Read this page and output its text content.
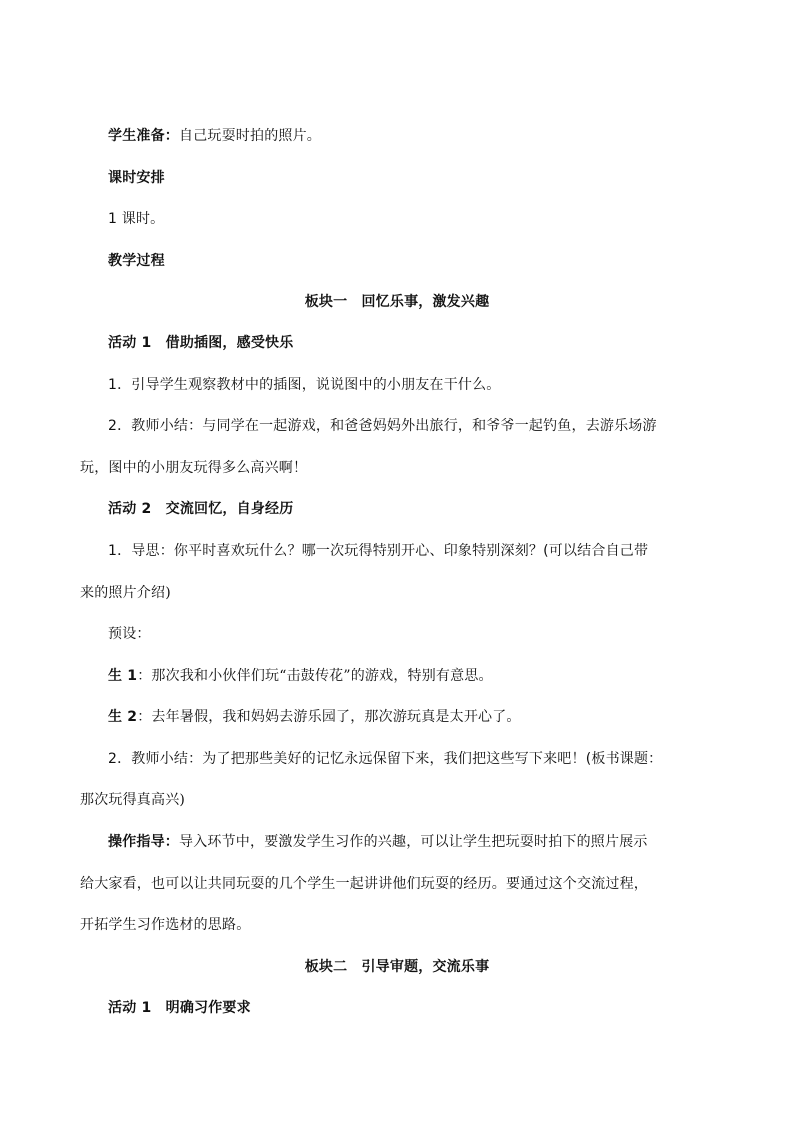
学生准备：自己玩耍时拍的照片。
课时安排
1 课时。
教学过程
板块一　回忆乐事，激发兴趣
活动 1　借助插图，感受快乐
1．引导学生观察教材中的插图，说说图中的小朋友在干什么。
2．教师小结：与同学在一起游戏，和爸爸妈妈外出旅行，和爷爷一起钓鱼，去游乐场游
玩，图中的小朋友玩得多么高兴啊！
活动 2　交流回忆，自身经历
1．导思：你平时喜欢玩什么？哪一次玩得特别开心、印象特别深刻？(可以结合自己带
来的照片介绍)
预设：
生 1：那次我和小伙伴们玩“击鼓传花”的游戏，特别有意思。
生 2：去年暑假，我和妈妈去游乐园了，那次游玩真是太开心了。
2．教师小结：为了把那些美好的记忆永远保留下来，我们把这些写下来吧！(板书课题：
那次玩得真高兴)
操作指导：导入环节中，要激发学生习作的兴趣，可以让学生把玩耍时拍下的照片展示
给大家看，也可以让共同玩耍的几个学生一起讲讲他们玩耍的经历。要通过这个交流过程，
开拓学生习作选材的思路。
板块二　引导审题，交流乐事
活动 1　明确习作要求
